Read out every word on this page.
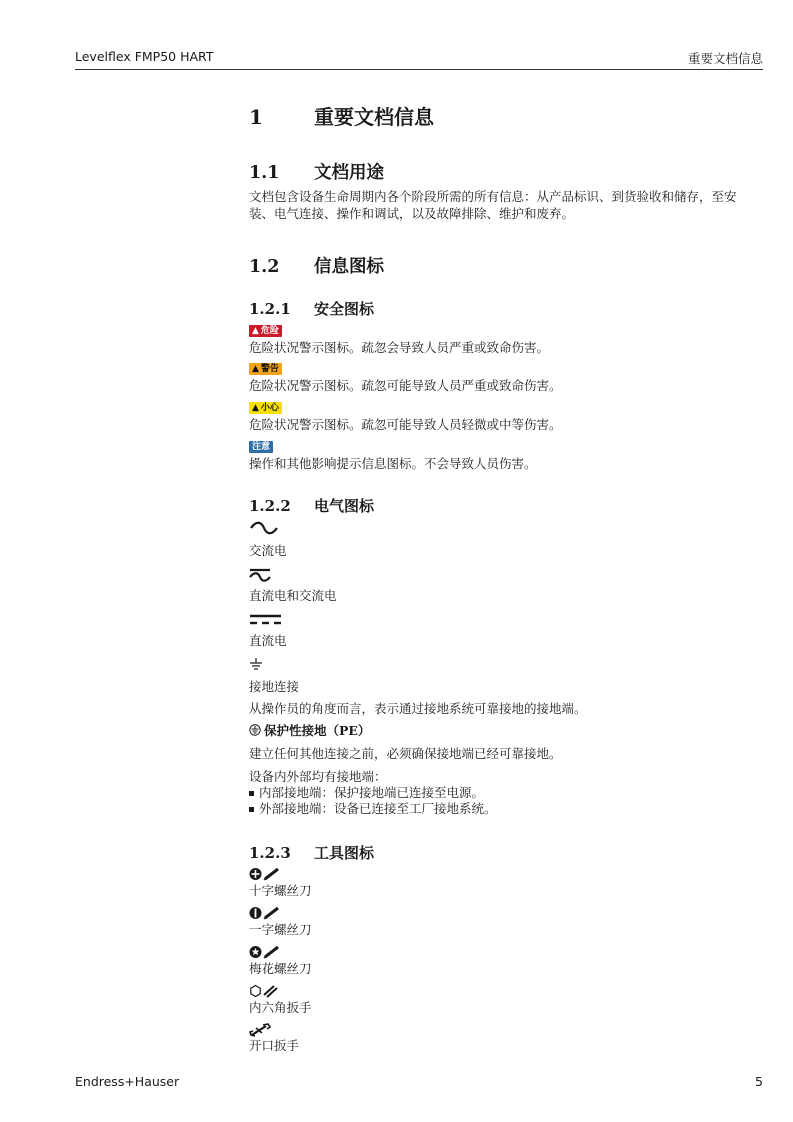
Levelflex FMP50 HART	重要文档信息
1	重要文档信息
1.1 文档用途
文档包含设备生命周期内各个阶段所需的所有信息：从产品标识、到货验收和储存，至安装、电气连接、操作和调试，以及故障排除、维护和废弃。
1.2 信息图标
1.2.1 安全图标
▲ 危险
危险状况警示图标。疏忽会导致人员严重或致命伤害。
▲ 警告
危险状况警示图标。疏忽可能导致人员严重或致命伤害。
▲ 小心
危险状况警示图标。疏忽可能导致人员轻微或中等伤害。
注意
操作和其他影响提示信息图标。不会导致人员伤害。
1.2.2 电气图标
交流电
直流电和交流电
直流电
接地连接
从操作员的角度而言，表示通过接地系统可靠接地的接地端。
保护性接地（PE）
建立任何其他连接之前，必须确保接地端已经可靠接地。
设备内外部均有接地端：
内部接地端：保护接地端已连接至电源。
外部接地端：设备已连接至工厂接地系统。
1.2.3 工具图标
十字螺丝刀
一字螺丝刀
梅花螺丝刀
内六角扳手
开口扳手
Endress+Hauser	5
